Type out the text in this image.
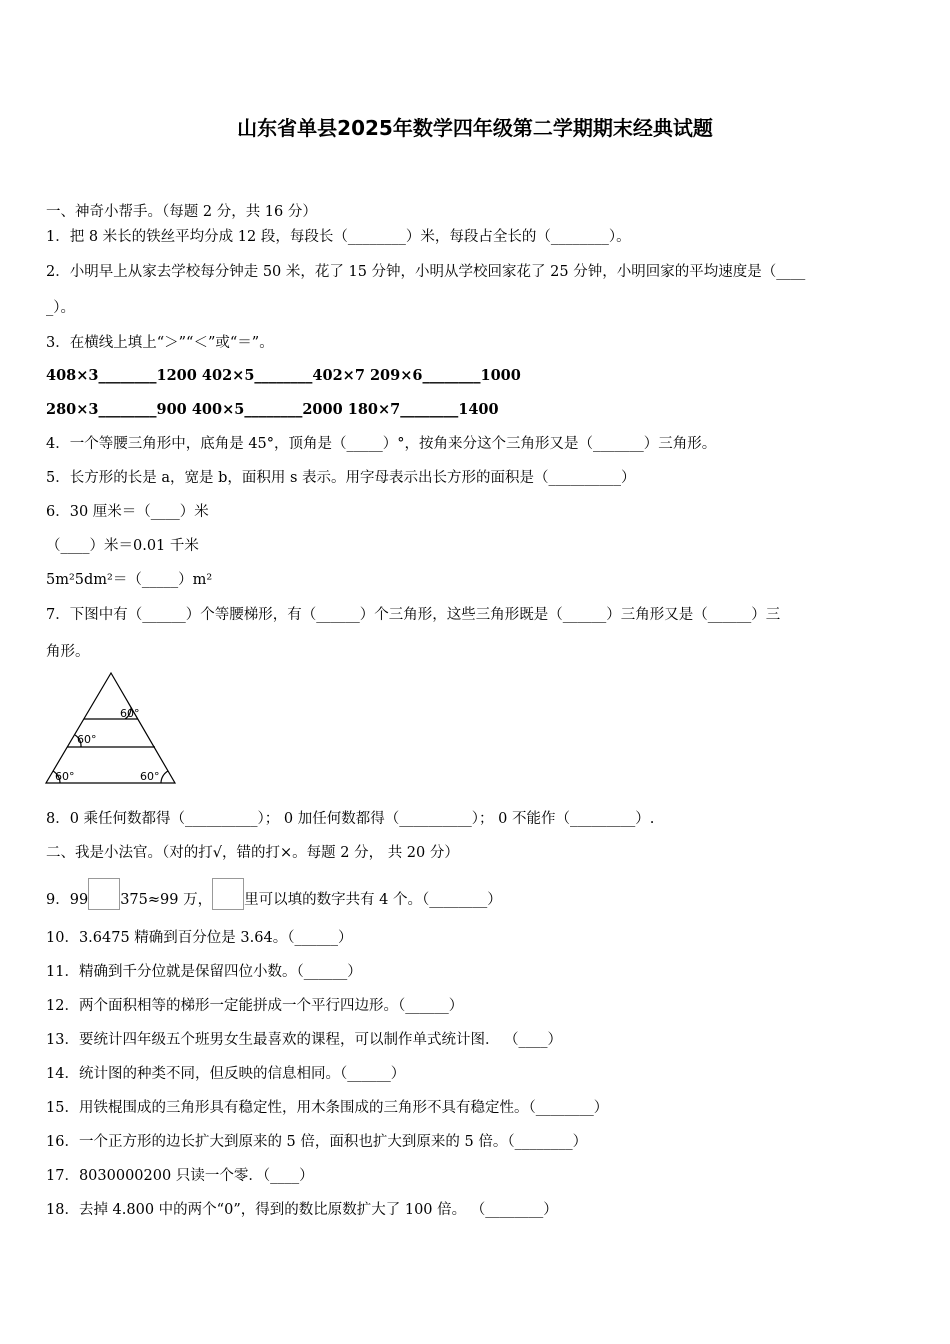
山东省单县2025年数学四年级第二学期期末经典试题
一、神奇小帮手。（每题 2 分，共 16 分）
1．把 8 米长的铁丝平均分成 12 段，每段长（________）米，每段占全长的（________）。
2．小明早上从家去学校每分钟走 50 米，花了 15 分钟，小明从学校回家花了 25 分钟，小明回家的平均速度是（____
_）。
3．在横线上填上“＞”“＜”或“＝”。
408×3________1200 402×5________402×7 209×6________1000
280×3________900 400×5________2000 180×7________1400
4．一个等腰三角形中，底角是 45°，顶角是（_____）°，按角来分这个三角形又是（_______）三角形。
5．长方形的长是 a，宽是 b，面积用 s 表示。用字母表示出长方形的面积是（__________）
6．30 厘米＝（____）米
（____）米＝0.01 千米
5m²5dm²＝（_____）m²
7．下图中有（______）个等腰梯形，有（______）个三角形，这些三角形既是（______）三角形又是（______）三
角形。
60°
60°
60°	60°
8．0 乘任何数都得（__________）； 0 加任何数都得（__________）； 0 不能作（_________）.
二、我是小法官。（对的打√，错的打×。每题 2 分， 共 20 分）
9．99 375≈99 万， 里可以填的数字共有 4 个。（________）
10．3.6475 精确到百分位是 3.64。（______）
11．精确到千分位就是保留四位小数。（______）
12．两个面积相等的梯形一定能拼成一个平行四边形。（______）
13．要统计四年级五个班男女生最喜欢的课程，可以制作单式统计图． （____）
14．统计图的种类不同，但反映的信息相同。（______）
15．用铁棍围成的三角形具有稳定性，用木条围成的三角形不具有稳定性。（________）
16．一个正方形的边长扩大到原来的 5 倍，面积也扩大到原来的 5 倍。（________）
17．8030000200 只读一个零．（____）
18．去掉 4.800 中的两个“0”，得到的数比原数扩大了 100 倍。 （________）
